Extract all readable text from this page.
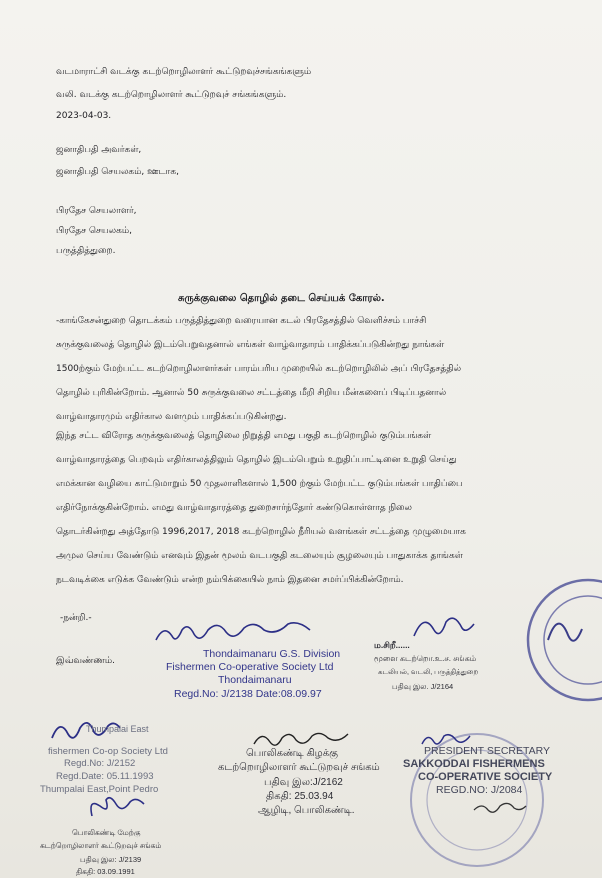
வடமாராட்சி வடக்கு கடற்றொழிலாளர் கூட்டுறவுச்சங்கங்களும்
வலி. வடக்கு கடற்றொழிலாளர் கூட்டுறவுச் சங்கங்களும்.
2023-04-03.
ஜனாதிபதி அவர்கள்,
ஜனாதிபதி செயலகம், ஊடாக,
பிரதேச செயலாளர்,
பிரதேச செயலகம்,
பருத்தித்துறை.
சுருக்குவலை தொழில் தடை செய்யக் கோரல்.

-காங்கேசன்துறை தொடக்கம் பருத்தித்துறை வரையான கடல் பிரதேசத்தில் வெளிச்சம் பாச்சி

சுருக்குவலைத் தொழில் இடம்பெறுவதனால் எங்கள் வாழ்வாதாரம் பாதிக்கப்படுகின்றது நாங்கள்

1500ற்கும் மேற்பட்ட கடற்றொழிலாளர்கள் பாரம்பரிய முறையில் கடற்றொழிலில் அப் பிரதேசத்தில்

தொழில் புரிகின்றோம். ஆனால் 50 சுருக்குவலை சட்டத்தை மீறி சிறிய மீன்களைப் பிடிப்பதனால்

வாழ்வாதாரமும் எதிர்கால வளமும் பாதிக்கப்படுகின்றது.

இந்த சட்ட விரோத சுருக்குவலைத் தொழிலை நிறுத்தி எமது பகுதி கடற்றொழில் குடும்பங்கள்

வாழ்வாதாரத்தை பெறவும் எதிர்காலத்திலும் தொழில் இடம்பெறும் உறுதிப்பாட்டினை உறுதி செய்து

எமக்கான வழியை காட்டுமாறும் 50 முதலாளிகளால் 1,500 ற்கும் மேற்பட்ட குடும்பங்கள் பாதிப்பை

எதிர்நோக்குகின்றோம். எமது வாழ்வாதாரத்தை துறைசார்ந்தோர் கண்டுகொள்ளாத நிலை

தொடர்கின்றது அத்தோடு 1996,2017, 2018 கடற்றொழில் நீரியல் வளங்கள் சட்டத்தை முழுமையாக

அமுல செய்ய வேண்டும் எனவும் இதன் மூலம் வடபகுதி கடலையும் சூழலையும் பாதுகாக்க தாங்கள்

நடவடிக்கை எடுக்க வேண்டும் என்ற நம்பிக்கையில் நாம் இதனை சமர்ப்பிக்கின்றோம்.

-நன்றி.-
இவ்வண்ணம்.
Thondaimanaru G.S. Division
Fishermen Co-operative Society Ltd
Thondaimanaru
Regd.No: J/2138 Date:08.09.97
ம.சிறீ......
மூளை கடற்றொ.உ.ச. சங்கம்
கடலியல், வடலி, பருத்தித்துறை
பதிவு இல. J/2164
Thumpalai East
fishermen Co-op Society Ltd
Regd.No: J/2152
Regd.Date: 05.11.1993
Thumpalai East,Point Pedro
பொலிகண்டி கிழக்கு
கடற்றொழிலாளர் கூட்டுறவுச் சங்கம்
பதிவு இல:J/2162
திகதி: 25.03.94
ஆழிடி, பொலிகண்டி.
PRESIDENT SECRETARY
SAKKODDAI FISHERMENS
CO-OPERATIVE SOCIETY
REGD.NO: J/2084
பொலிகண்டி மேற்கு
கடற்றொழிலாளர் கூட்டுறவுச் சங்கம்
பதிவு இல: J/2139
திகதி: 03.09.1991
